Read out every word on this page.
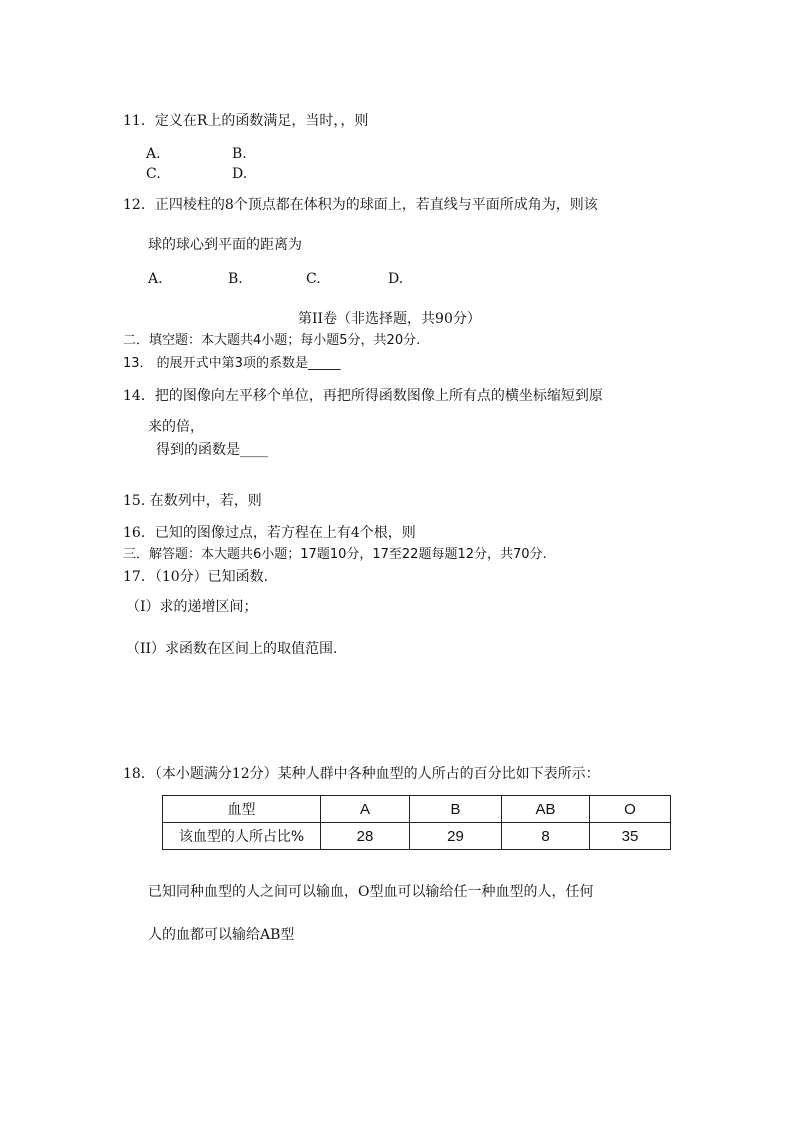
11．定义在R上的函数满足，当时，，则
A.	B.
C.	D.
12．正四棱柱的8个顶点都在体积为的球面上，若直线与平面所成角为，则该
球的球心到平面的距离为
A.	B.	C.	D.
第II卷（非选择题，共90分）
二．填空题：本大题共4小题；每小题5分，共20分.
13． 的展开式中第3项的系数是_____
14．把的图像向左平移个单位，再把所得函数图像上所有点的横坐标缩短到原
来的倍，
得到的函数是____
15. 在数列中，若，则
16．已知的图像过点，若方程在上有4个根，则
三．解答题：本大题共6小题；17题10分，17至22题每题12分，共70分.
17．（10分）已知函数.
（Ⅰ）求的递增区间；
（II）求函数在区间上的取值范围.
18．（本小题满分12分）某种人群中各种血型的人所占的百分比如下表所示：
血型	A	B	AB	O
该血型的人所占比%	28	29	8	35
已知同种血型的人之间可以输血，O型血可以输给任一种血型的人，任何
人的血都可以输给AB型
